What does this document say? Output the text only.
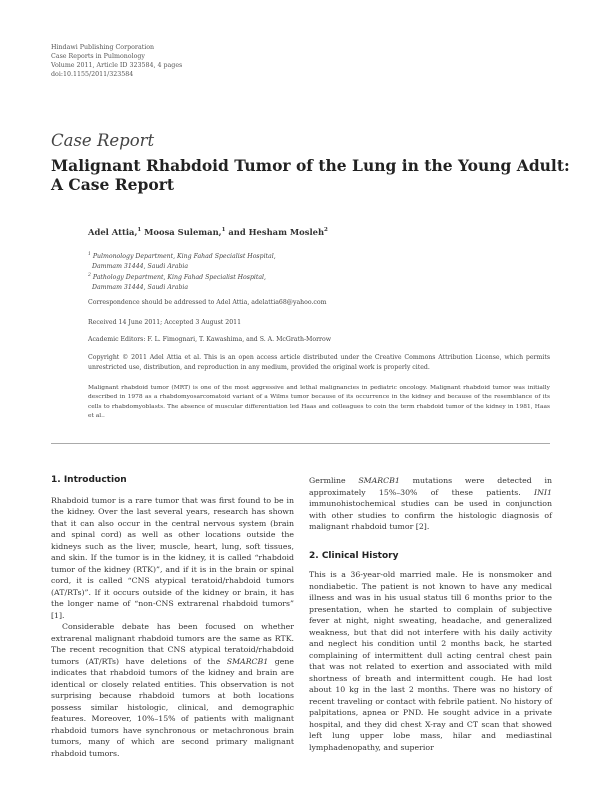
Hindawi Publishing Corporation
Case Reports in Pulmonology
Volume 2011, Article ID 323584, 4 pages
doi:10.1155/2011/323584
Case Report
Malignant Rhabdoid Tumor of the Lung in the Young Adult:
A Case Report
Adel Attia,$^1$ Moosa Suleman,$^1$ and Hesham Mosleh$^2$
$^1$ Pulmonology Department, King Fahad Specialist Hospital,
Dammam 31444, Saudi Arabia
$^2$ Pathology Department, King Fahad Specialist Hospital,
Dammam 31444, Saudi Arabia
Correspondence should be addressed to Adel Attia, adelattia68@yahoo.com
Received 14 June 2011; Accepted 3 August 2011
Academic Editors: F. L. Fimognari, T. Kawashima, and S. A. McGrath-Morrow
Copyright © 2011 Adel Attia et al. This is an open access article distributed under the Creative Commons Attribution License, which permits unrestricted use, distribution, and reproduction in any medium, provided the original work is properly cited.
Malignant rhabdoid tumor (MRT) is one of the most aggressive and lethal malignancies in pediatric oncology. Malignant rhabdoid tumor was initially described in 1978 as a rhabdomyosarcomatoid variant of a Wilms tumor because of its occurrence in the kidney and because of the resemblance of its cells to rhabdomyoblasts. The absence of muscular differentiation led Haas and colleagues to coin the term rhabdoid tumor of the kidney in 1981, Haas et al..

1. Introduction

Rhabdoid tumor is a rare tumor that was first found to be in the kidney. Over the last several years, research has shown that it can also occur in the central nervous system (brain and spinal cord) as well as other locations outside the kidneys such as the liver, muscle, heart, lung, soft tissues, and skin. If the tumor is in the kidney, it is called “rhabdoid tumor of the kidney (RTK)”, and if it is in the brain or spinal cord, it is called “CNS atypical teratoid/rhabdoid tumors (AT/RTs)”. If it occurs outside of the kidney or brain, it has the longer name of “non-CNS extrarenal rhabdoid tumors” [1].

Considerable debate has been focused on whether extrarenal malignant rhabdoid tumors are the same as RTK. The recent recognition that CNS atypical teratoid/rhabdoid tumors (AT/RTs) have deletions of the SMARCB1 gene indicates that rhabdoid tumors of the kidney and brain are identical or closely related entities. This observation is not surprising because rhabdoid tumors at both locations possess similar histologic, clinical, and demographic features. Moreover, 10%–15% of patients with malignant rhabdoid tumors have synchronous or metachronous brain tumors, many of which are second primary malignant rhabdoid tumors.

Germline SMARCB1 mutations were detected in approximately 15%–30% of these patients. INI1 immunohistochemical studies can be used in conjunction with other studies to confirm the histologic diagnosis of malignant rhabdoid tumor [2].

2. Clinical History

This is a 36-year-old married male. He is nonsmoker and nondiabetic. The patient is not known to have any medical illness and was in his usual status till 6 months prior to the presentation, when he started to complain of subjective fever at night, night sweating, headache, and generalized weakness, but that did not interfere with his daily activity and neglect his condition until 2 months back, he started complaining of intermittent dull acting central chest pain that was not related to exertion and associated with mild shortness of breath and intermittent cough. He had lost about 10 kg in the last 2 months. There was no history of recent traveling or contact with febrile patient. No history of palpitations, apnea or PND. He sought advice in a private hospital, and they did chest X-ray and CT scan that showed left lung upper lobe mass, hilar and mediastinal lymphadenopathy, and superior
